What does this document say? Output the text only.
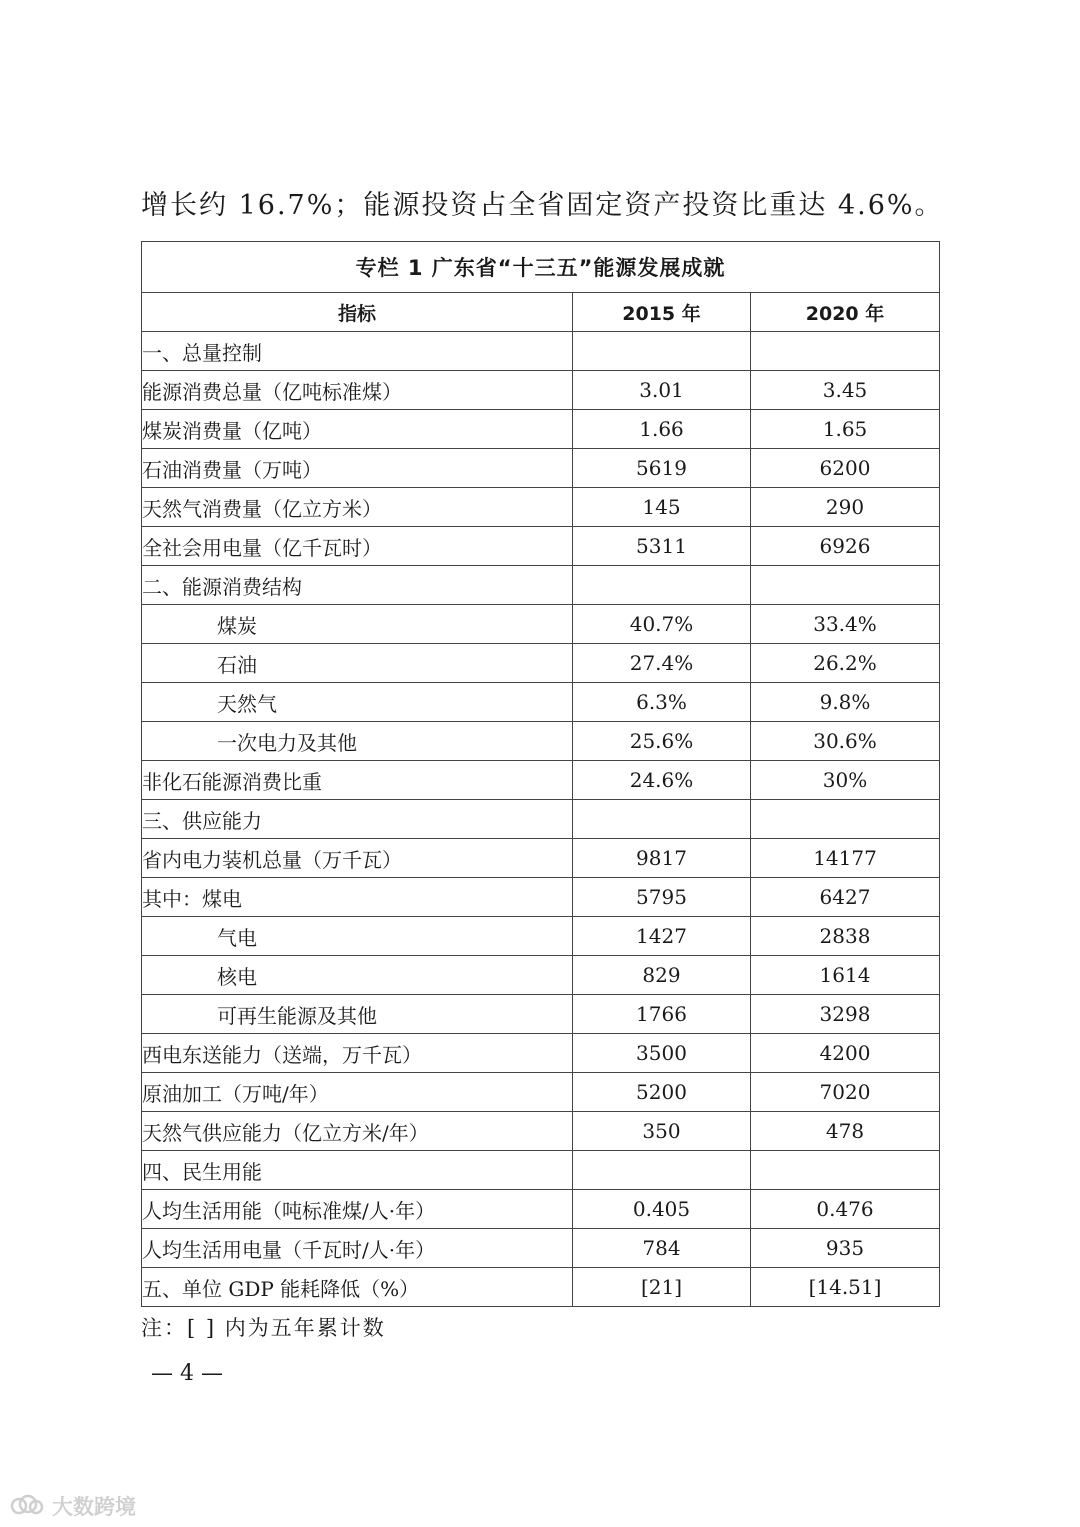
增长约 16.7%；能源投资占全省固定资产投资比重达 4.6%。
专栏 1 广东省“十三五”能源发展成就		
指标	2015 年	2020 年
一、总量控制		
能源消费总量（亿吨标准煤）	3.01	3.45
煤炭消费量（亿吨）	1.66	1.65
石油消费量（万吨）	5619	6200
天然气消费量（亿立方米）	145	290
全社会用电量（亿千瓦时）	5311	6926
二、能源消费结构		
煤炭	40.7%	33.4%
石油	27.4%	26.2%
天然气	6.3%	9.8%
一次电力及其他	25.6%	30.6%
非化石能源消费比重	24.6%	30%
三、供应能力		
省内电力装机总量（万千瓦）	9817	14177
其中：煤电	5795	6427
气电	1427	2838
核电	829	1614
可再生能源及其他	1766	3298
西电东送能力（送端，万千瓦）	3500	4200
原油加工（万吨/年）	5200	7020
天然气供应能力（亿立方米/年）	350	478
四、民生用能		
人均生活用能（吨标准煤/人·年）	0.405	0.476
人均生活用电量（千瓦时/人·年）	784	935
五、单位 GDP 能耗降低（%）	[21]	[14.51]
注：[ ] 内为五年累计数
— 4 —
大数跨境
